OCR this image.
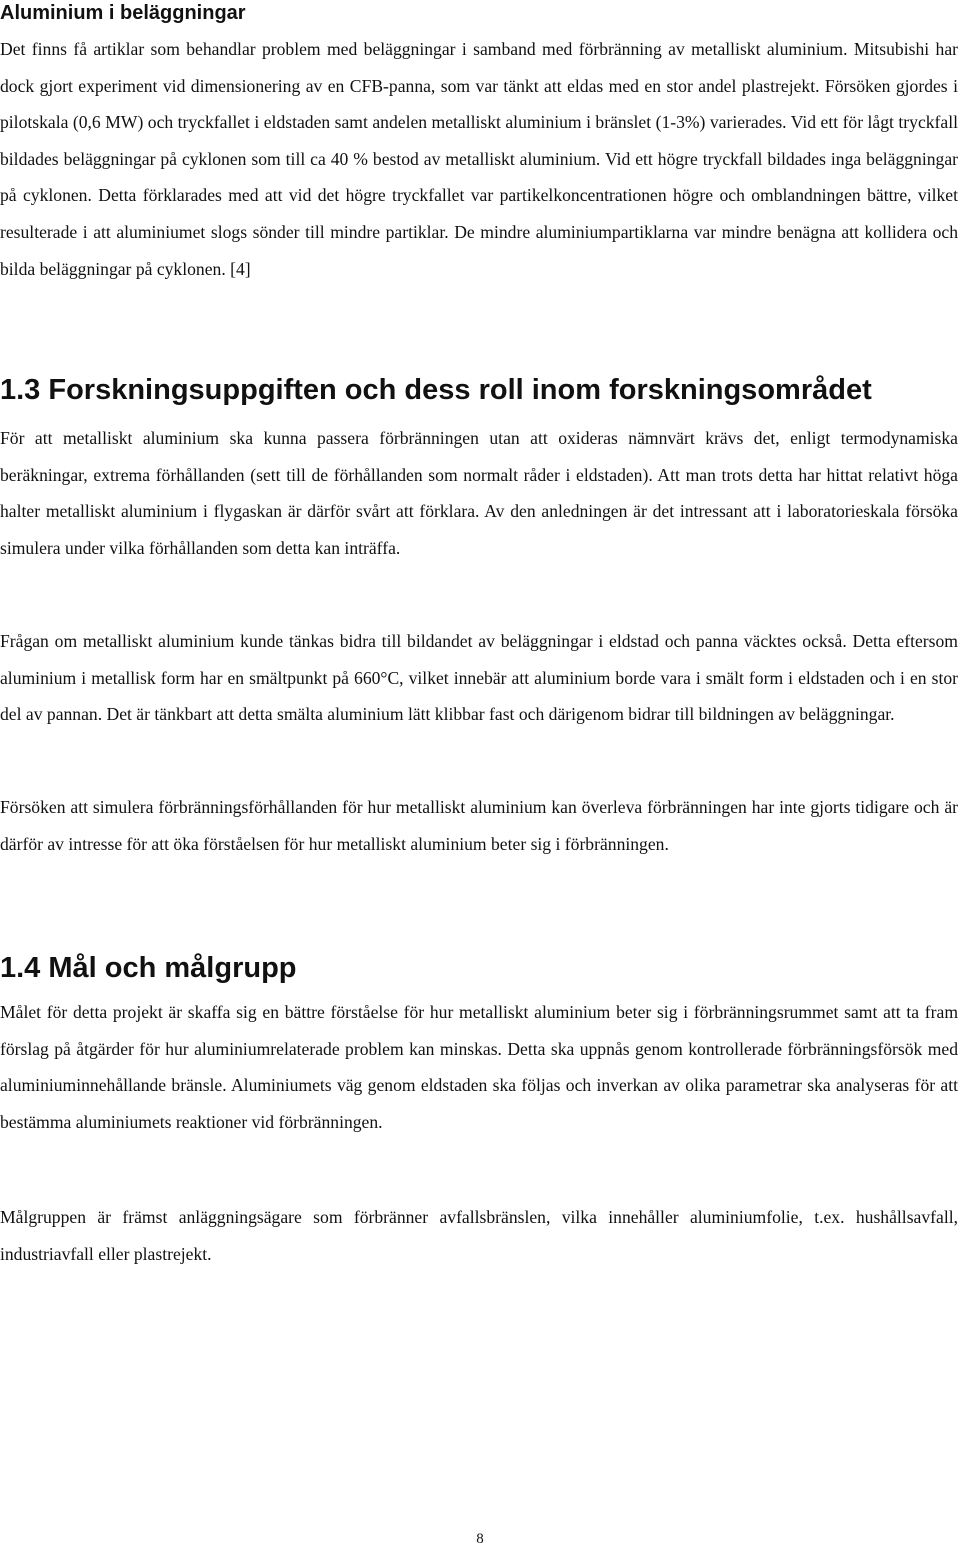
Aluminium i beläggningar

Det finns få artiklar som behandlar problem med beläggningar i samband med förbränning av metalliskt aluminium. Mitsubishi har dock gjort experiment vid dimensionering av en CFB-panna, som var tänkt att eldas med en stor andel plastrejekt. Försöken gjordes i pilotskala (0,6 MW) och tryckfallet i eldstaden samt andelen metalliskt aluminium i bränslet (1-3%) varierades. Vid ett för lågt tryckfall bildades beläggningar på cyklonen som till ca 40 % bestod av metalliskt aluminium. Vid ett högre tryckfall bildades inga beläggningar på cyklonen. Detta förklarades med att vid det högre tryckfallet var partikelkoncentrationen högre och omblandningen bättre, vilket resulterade i att aluminiumet slogs sönder till mindre partiklar. De mindre aluminiumpartiklarna var mindre benägna att kollidera och bilda beläggningar på cyklonen. [4]

1.3 Forskningsuppgiften och dess roll inom forskningsområdet

För att metalliskt aluminium ska kunna passera förbränningen utan att oxideras nämnvärt krävs det, enligt termodynamiska beräkningar, extrema förhållanden (sett till de förhållanden som normalt råder i eldstaden). Att man trots detta har hittat relativt höga halter metalliskt aluminium i flygaskan är därför svårt att förklara. Av den anledningen är det intressant att i laboratorieskala försöka simulera under vilka förhållanden som detta kan inträffa.

Frågan om metalliskt aluminium kunde tänkas bidra till bildandet av beläggningar i eldstad och panna väcktes också. Detta eftersom aluminium i metallisk form har en smältpunkt på 660°C, vilket innebär att aluminium borde vara i smält form i eldstaden och i en stor del av pannan. Det är tänkbart att detta smälta aluminium lätt klibbar fast och därigenom bidrar till bildningen av beläggningar.

Försöken att simulera förbränningsförhållanden för hur metalliskt aluminium kan överleva förbränningen har inte gjorts tidigare och är därför av intresse för att öka förståelsen för hur metalliskt aluminium beter sig i förbränningen.

1.4 Mål och målgrupp

Målet för detta projekt är skaffa sig en bättre förståelse för hur metalliskt aluminium beter sig i förbränningsrummet samt att ta fram förslag på åtgärder för hur aluminiumrelaterade problem kan minskas. Detta ska uppnås genom kontrollerade förbränningsförsök med aluminiuminnehållande bränsle. Aluminiumets väg genom eldstaden ska följas och inverkan av olika parametrar ska analyseras för att bestämma aluminiumets reaktioner vid förbränningen.

Målgruppen är främst anläggningsägare som förbränner avfallsbränslen, vilka innehåller aluminiumfolie, t.ex. hushållsavfall, industriavfall eller plastrejekt.

8
